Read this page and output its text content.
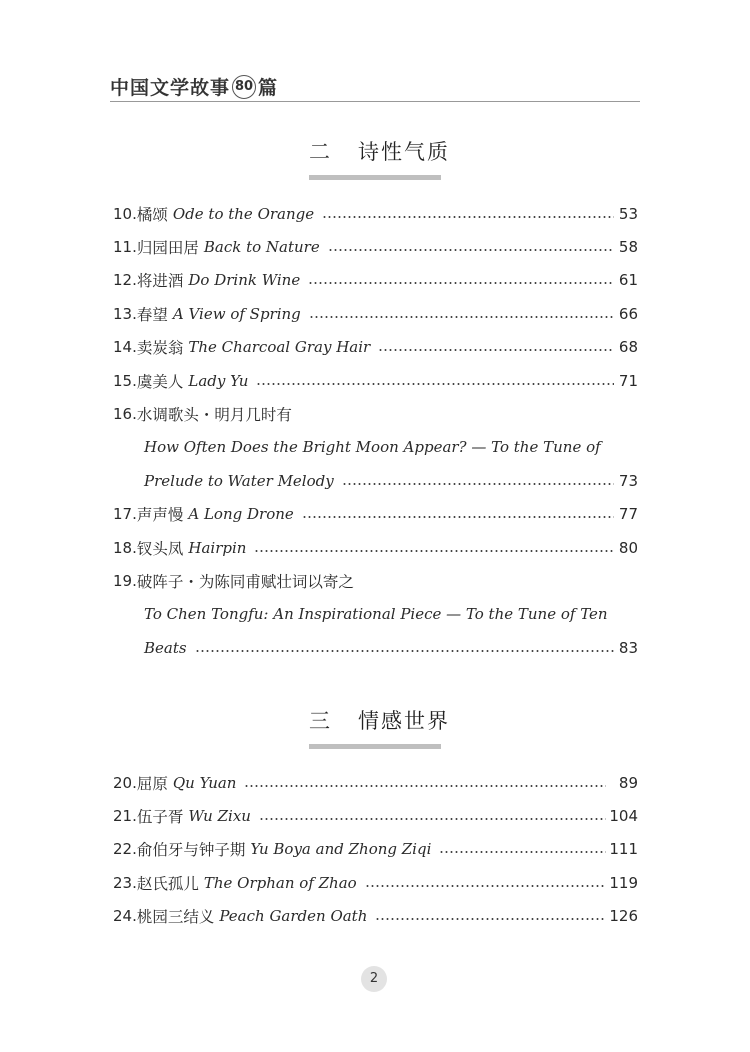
中国文学故事 80 篇
二   诗性气质
10. 橘颂 Ode to the Orange	53
11. 归园田居 Back to Nature	58
12. 将进酒 Do Drink Wine	61
13. 春望 A View of Spring	66
14. 卖炭翁 The Charcoal Gray Hair	68
15. 虞美人 Lady Yu	71
16. 水调歌头・明月几时有
How Often Does the Bright Moon Appear? — To the Tune of
Prelude to Water Melody	73
17. 声声慢 A Long Drone	77
18. 钗头凤 Hairpin	80
19. 破阵子・为陈同甫赋壮词以寄之
To Chen Tongfu: An Inspirational Piece — To the Tune of Ten
Beats	83
三   情感世界
20. 屈原 Qu Yuan	89
21. 伍子胥 Wu Zixu	104
22. 俞伯牙与钟子期 Yu Boya and Zhong Ziqi	111
23. 赵氏孤儿 The Orphan of Zhao	119
24. 桃园三结义 Peach Garden Oath	126
2
